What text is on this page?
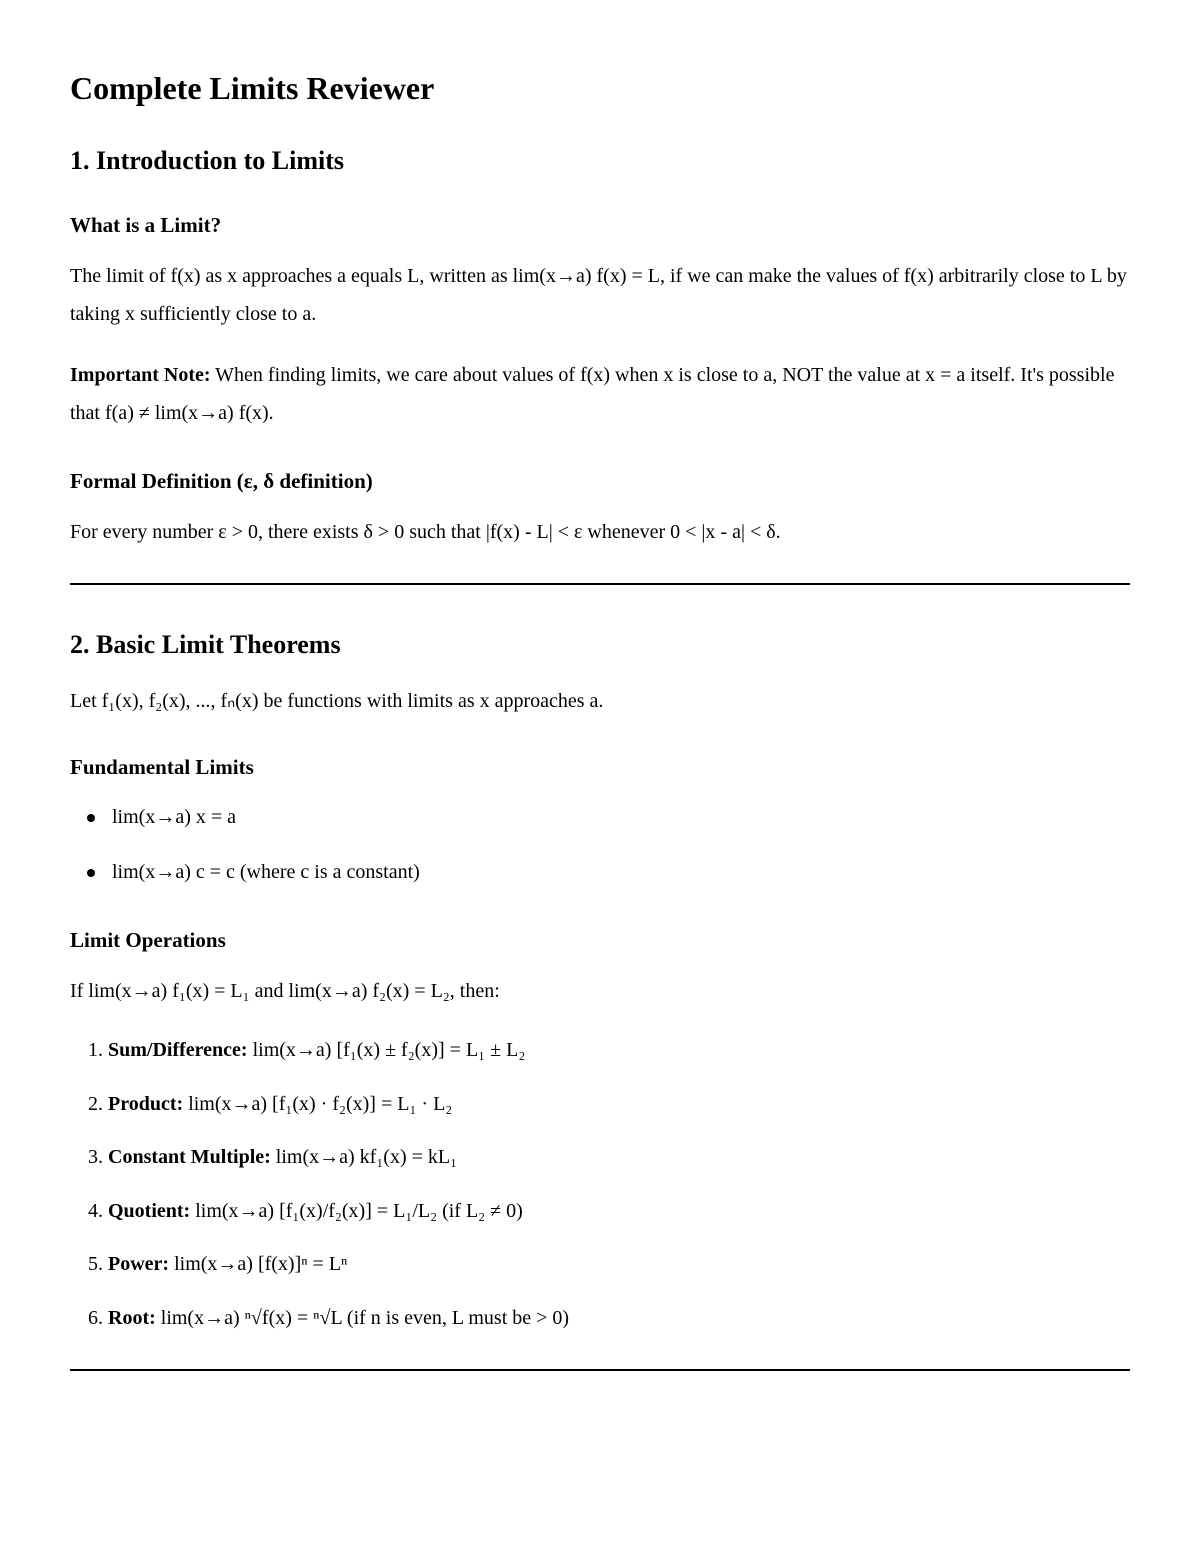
Complete Limits Reviewer
1. Introduction to Limits
What is a Limit?

The limit of f(x) as x approaches a equals L, written as lim(x→a) f(x) = L, if we can make the values of f(x) arbitrarily close to L by taking x sufficiently close to a.

Important Note: When finding limits, we care about values of f(x) when x is close to a, NOT the value at x = a itself. It's possible that f(a) ≠ lim(x→a) f(x).

Formal Definition (ε, δ definition)

For every number ε > 0, there exists δ > 0 such that |f(x) - L| < ε whenever 0 < |x - a| < δ.

2. Basic Limit Theorems

Let f₁(x), f₂(x), ..., fₙ(x) be functions with limits as x approaches a.

Fundamental Limits
lim(x→a) x = a
lim(x→a) c = c (where c is a constant)
Limit Operations

If lim(x→a) f₁(x) = L₁ and lim(x→a) f₂(x) = L₂, then:

1. Sum/Difference: lim(x→a) [f₁(x) ± f₂(x)] = L₁ ± L₂
2. Product: lim(x→a) [f₁(x) · f₂(x)] = L₁ · L₂
3. Constant Multiple: lim(x→a) kf₁(x) = kL₁
4. Quotient: lim(x→a) [f₁(x)/f₂(x)] = L₁/L₂ (if L₂ ≠ 0)
5. Power: lim(x→a) [f(x)]ⁿ = Lⁿ
6. Root: lim(x→a) ⁿ√f(x) = ⁿ√L (if n is even, L must be > 0)
